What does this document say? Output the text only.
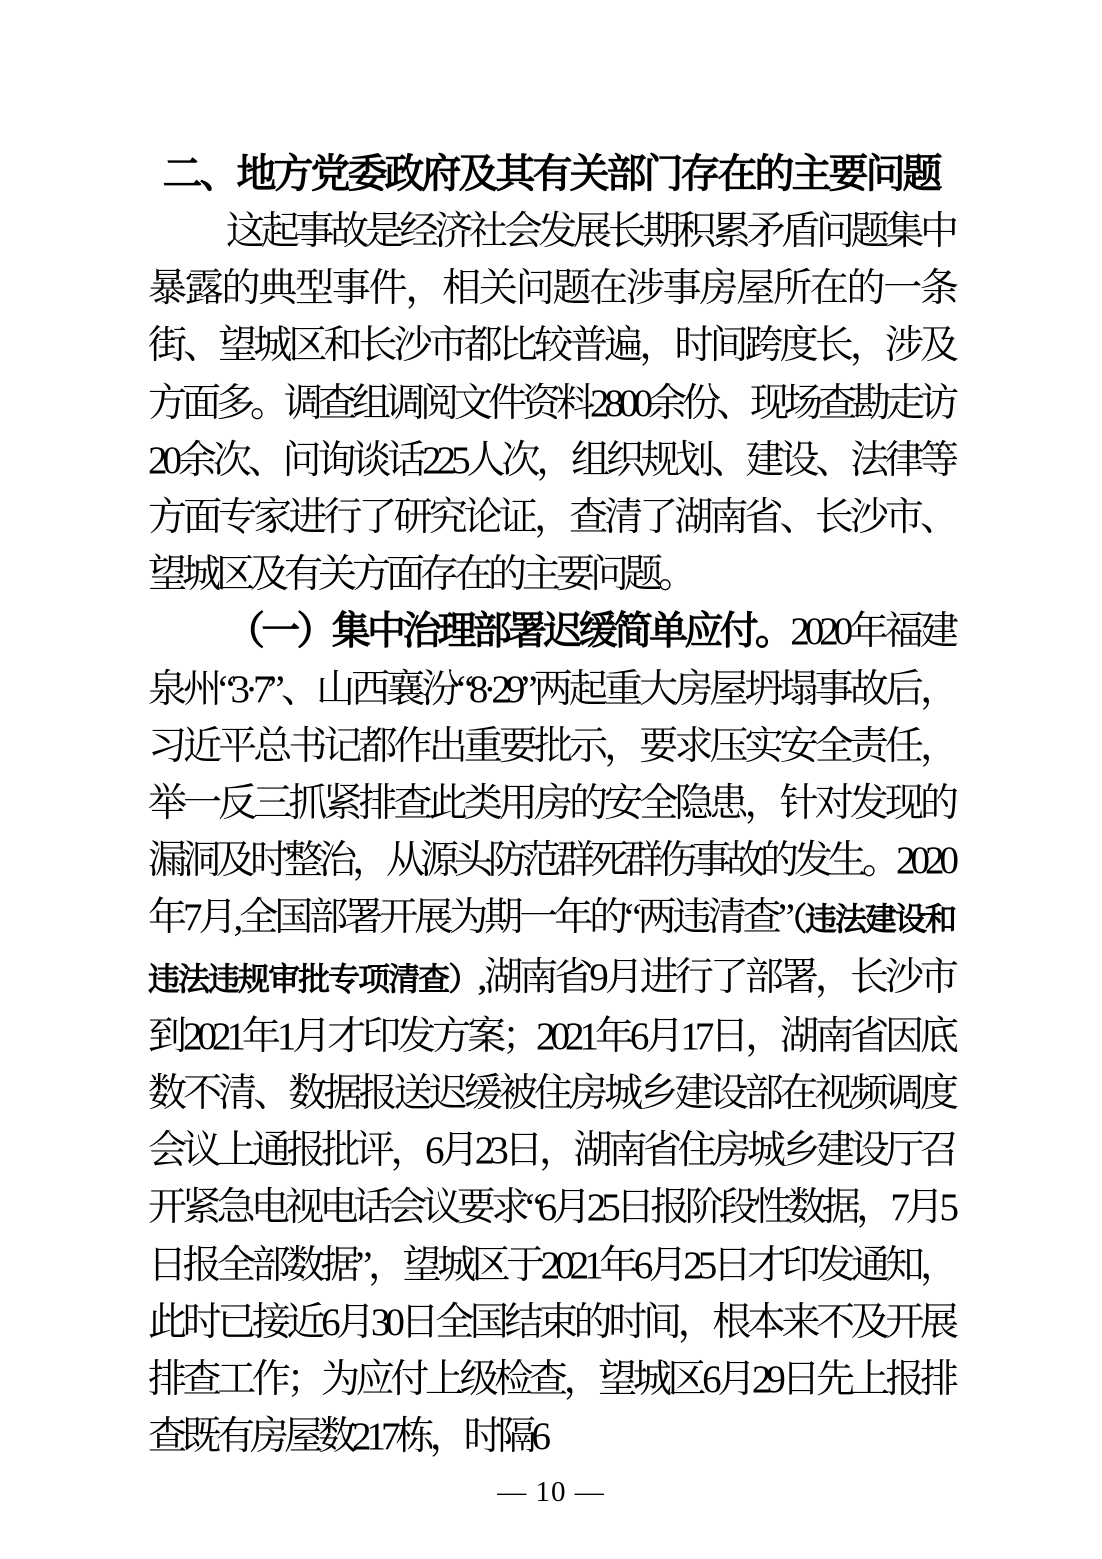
二、地方党委政府及其有关部门存在的主要问题

这起事故是经济社会发展长期积累矛盾问题集中暴露的典型事件，相关问题在涉事房屋所在的一条街、望城区和长沙市都比较普遍，时间跨度长，涉及方面多。调查组调阅文件资料2800余份、现场查勘走访20余次、问询谈话225人次，组织规划、建设、法律等方面专家进行了研究论证，查清了湖南省、长沙市、望城区及有关方面存在的主要问题。

（一）集中治理部署迟缓简单应付。2020年福建泉州“3·7”、山西襄汾“8·29”两起重大房屋坍塌事故后，习近平总书记都作出重要批示，要求压实安全责任，举一反三抓紧排查此类用房的安全隐患，针对发现的漏洞及时整治，从源头防范群死群伤事故的发生。2020年7月,全国部署开展为期一年的“两违清查”（违法建设和违法违规审批专项清查）,湖南省9月进行了部署，长沙市到2021年1月才印发方案；2021年6月17日，湖南省因底数不清、数据报送迟缓被住房城乡建设部在视频调度会议上通报批评，6月23日，湖南省住房城乡建设厅召开紧急电视电话会议要求“6月25日报阶段性数据，7月5日报全部数据”，望城区于2021年6月25日才印发通知，此时已接近6月30日全国结束的时间，根本来不及开展排查工作；为应付上级检查，望城区6月29日先上报排查既有房屋数217栋，时隔6

— 10 —
